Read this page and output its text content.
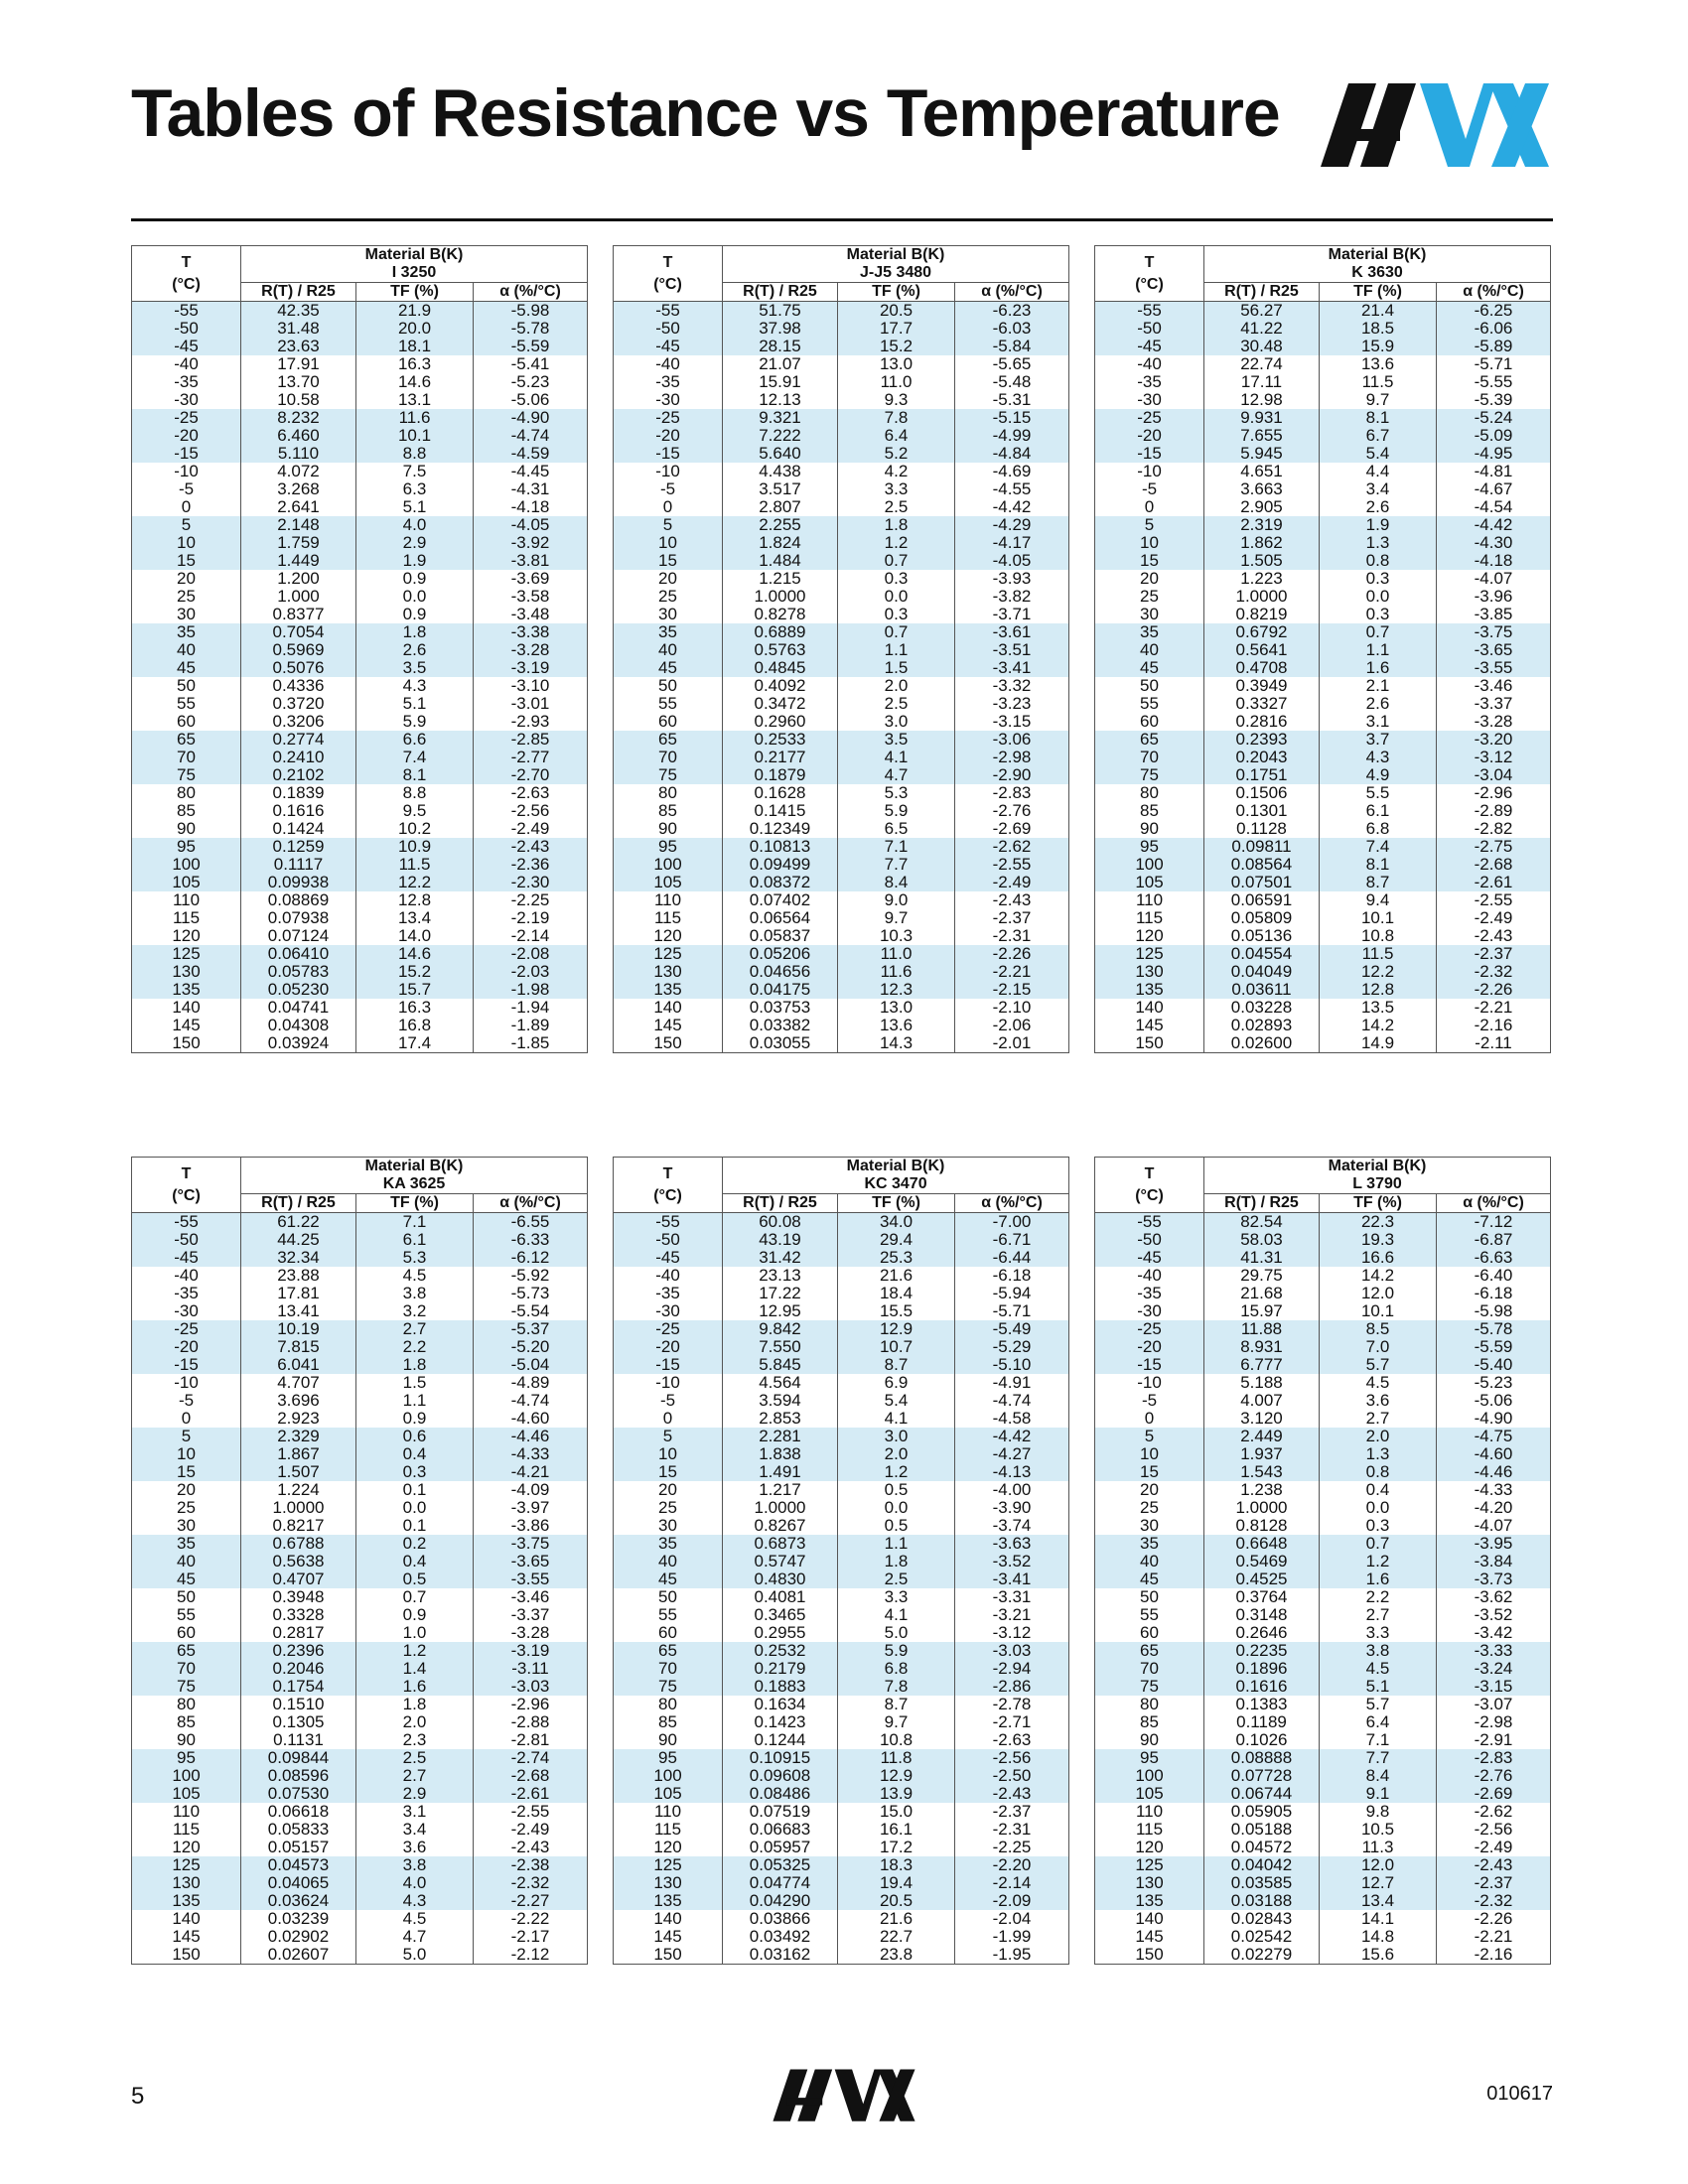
Tables of Resistance vs Temperature
T
(°C)	Material B(K)		
	I 3250		
	R(T) / R25	TF (%)	α (%/°C)
-55	42.35	21.9	-5.98
-50	31.48	20.0	-5.78
-45	23.63	18.1	-5.59
-40	17.91	16.3	-5.41
-35	13.70	14.6	-5.23
-30	10.58	13.1	-5.06
-25	8.232	11.6	-4.90
-20	6.460	10.1	-4.74
-15	5.110	8.8	-4.59
-10	4.072	7.5	-4.45
-5	3.268	6.3	-4.31
0	2.641	5.1	-4.18
5	2.148	4.0	-4.05
10	1.759	2.9	-3.92
15	1.449	1.9	-3.81
20	1.200	0.9	-3.69
25	1.000	0.0	-3.58
30	0.8377	0.9	-3.48
35	0.7054	1.8	-3.38
40	0.5969	2.6	-3.28
45	0.5076	3.5	-3.19
50	0.4336	4.3	-3.10
55	0.3720	5.1	-3.01
60	0.3206	5.9	-2.93
65	0.2774	6.6	-2.85
70	0.2410	7.4	-2.77
75	0.2102	8.1	-2.70
80	0.1839	8.8	-2.63
85	0.1616	9.5	-2.56
90	0.1424	10.2	-2.49
95	0.1259	10.9	-2.43
100	0.1117	11.5	-2.36
105	0.09938	12.2	-2.30
110	0.08869	12.8	-2.25
115	0.07938	13.4	-2.19
120	0.07124	14.0	-2.14
125	0.06410	14.6	-2.08
130	0.05783	15.2	-2.03
135	0.05230	15.7	-1.98
140	0.04741	16.3	-1.94
145	0.04308	16.8	-1.89
150	0.03924	17.4	-1.85
T
(°C)	Material B(K)		
	J-J5 3480		
	R(T) / R25	TF (%)	α (%/°C)
-55	51.75	20.5	-6.23
-50	37.98	17.7	-6.03
-45	28.15	15.2	-5.84
-40	21.07	13.0	-5.65
-35	15.91	11.0	-5.48
-30	12.13	9.3	-5.31
-25	9.321	7.8	-5.15
-20	7.222	6.4	-4.99
-15	5.640	5.2	-4.84
-10	4.438	4.2	-4.69
-5	3.517	3.3	-4.55
0	2.807	2.5	-4.42
5	2.255	1.8	-4.29
10	1.824	1.2	-4.17
15	1.484	0.7	-4.05
20	1.215	0.3	-3.93
25	1.0000	0.0	-3.82
30	0.8278	0.3	-3.71
35	0.6889	0.7	-3.61
40	0.5763	1.1	-3.51
45	0.4845	1.5	-3.41
50	0.4092	2.0	-3.32
55	0.3472	2.5	-3.23
60	0.2960	3.0	-3.15
65	0.2533	3.5	-3.06
70	0.2177	4.1	-2.98
75	0.1879	4.7	-2.90
80	0.1628	5.3	-2.83
85	0.1415	5.9	-2.76
90	0.12349	6.5	-2.69
95	0.10813	7.1	-2.62
100	0.09499	7.7	-2.55
105	0.08372	8.4	-2.49
110	0.07402	9.0	-2.43
115	0.06564	9.7	-2.37
120	0.05837	10.3	-2.31
125	0.05206	11.0	-2.26
130	0.04656	11.6	-2.21
135	0.04175	12.3	-2.15
140	0.03753	13.0	-2.10
145	0.03382	13.6	-2.06
150	0.03055	14.3	-2.01
T
(°C)	Material B(K)		
	K 3630		
	R(T) / R25	TF (%)	α (%/°C)
-55	56.27	21.4	-6.25
-50	41.22	18.5	-6.06
-45	30.48	15.9	-5.89
-40	22.74	13.6	-5.71
-35	17.11	11.5	-5.55
-30	12.98	9.7	-5.39
-25	9.931	8.1	-5.24
-20	7.655	6.7	-5.09
-15	5.945	5.4	-4.95
-10	4.651	4.4	-4.81
-5	3.663	3.4	-4.67
0	2.905	2.6	-4.54
5	2.319	1.9	-4.42
10	1.862	1.3	-4.30
15	1.505	0.8	-4.18
20	1.223	0.3	-4.07
25	1.0000	0.0	-3.96
30	0.8219	0.3	-3.85
35	0.6792	0.7	-3.75
40	0.5641	1.1	-3.65
45	0.4708	1.6	-3.55
50	0.3949	2.1	-3.46
55	0.3327	2.6	-3.37
60	0.2816	3.1	-3.28
65	0.2393	3.7	-3.20
70	0.2043	4.3	-3.12
75	0.1751	4.9	-3.04
80	0.1506	5.5	-2.96
85	0.1301	6.1	-2.89
90	0.1128	6.8	-2.82
95	0.09811	7.4	-2.75
100	0.08564	8.1	-2.68
105	0.07501	8.7	-2.61
110	0.06591	9.4	-2.55
115	0.05809	10.1	-2.49
120	0.05136	10.8	-2.43
125	0.04554	11.5	-2.37
130	0.04049	12.2	-2.32
135	0.03611	12.8	-2.26
140	0.03228	13.5	-2.21
145	0.02893	14.2	-2.16
150	0.02600	14.9	-2.11
T
(°C)	Material B(K)		
	KA 3625		
	R(T) / R25	TF (%)	α (%/°C)
-55	61.22	7.1	-6.55
-50	44.25	6.1	-6.33
-45	32.34	5.3	-6.12
-40	23.88	4.5	-5.92
-35	17.81	3.8	-5.73
-30	13.41	3.2	-5.54
-25	10.19	2.7	-5.37
-20	7.815	2.2	-5.20
-15	6.041	1.8	-5.04
-10	4.707	1.5	-4.89
-5	3.696	1.1	-4.74
0	2.923	0.9	-4.60
5	2.329	0.6	-4.46
10	1.867	0.4	-4.33
15	1.507	0.3	-4.21
20	1.224	0.1	-4.09
25	1.0000	0.0	-3.97
30	0.8217	0.1	-3.86
35	0.6788	0.2	-3.75
40	0.5638	0.4	-3.65
45	0.4707	0.5	-3.55
50	0.3948	0.7	-3.46
55	0.3328	0.9	-3.37
60	0.2817	1.0	-3.28
65	0.2396	1.2	-3.19
70	0.2046	1.4	-3.11
75	0.1754	1.6	-3.03
80	0.1510	1.8	-2.96
85	0.1305	2.0	-2.88
90	0.1131	2.3	-2.81
95	0.09844	2.5	-2.74
100	0.08596	2.7	-2.68
105	0.07530	2.9	-2.61
110	0.06618	3.1	-2.55
115	0.05833	3.4	-2.49
120	0.05157	3.6	-2.43
125	0.04573	3.8	-2.38
130	0.04065	4.0	-2.32
135	0.03624	4.3	-2.27
140	0.03239	4.5	-2.22
145	0.02902	4.7	-2.17
150	0.02607	5.0	-2.12
T
(°C)	Material B(K)		
	KC 3470		
	R(T) / R25	TF (%)	α (%/°C)
-55	60.08	34.0	-7.00
-50	43.19	29.4	-6.71
-45	31.42	25.3	-6.44
-40	23.13	21.6	-6.18
-35	17.22	18.4	-5.94
-30	12.95	15.5	-5.71
-25	9.842	12.9	-5.49
-20	7.550	10.7	-5.29
-15	5.845	8.7	-5.10
-10	4.564	6.9	-4.91
-5	3.594	5.4	-4.74
0	2.853	4.1	-4.58
5	2.281	3.0	-4.42
10	1.838	2.0	-4.27
15	1.491	1.2	-4.13
20	1.217	0.5	-4.00
25	1.0000	0.0	-3.90
30	0.8267	0.5	-3.74
35	0.6873	1.1	-3.63
40	0.5747	1.8	-3.52
45	0.4830	2.5	-3.41
50	0.4081	3.3	-3.31
55	0.3465	4.1	-3.21
60	0.2955	5.0	-3.12
65	0.2532	5.9	-3.03
70	0.2179	6.8	-2.94
75	0.1883	7.8	-2.86
80	0.1634	8.7	-2.78
85	0.1423	9.7	-2.71
90	0.1244	10.8	-2.63
95	0.10915	11.8	-2.56
100	0.09608	12.9	-2.50
105	0.08486	13.9	-2.43
110	0.07519	15.0	-2.37
115	0.06683	16.1	-2.31
120	0.05957	17.2	-2.25
125	0.05325	18.3	-2.20
130	0.04774	19.4	-2.14
135	0.04290	20.5	-2.09
140	0.03866	21.6	-2.04
145	0.03492	22.7	-1.99
150	0.03162	23.8	-1.95
T
(°C)	Material B(K)		
	L 3790		
	R(T) / R25	TF (%)	α (%/°C)
-55	82.54	22.3	-7.12
-50	58.03	19.3	-6.87
-45	41.31	16.6	-6.63
-40	29.75	14.2	-6.40
-35	21.68	12.0	-6.18
-30	15.97	10.1	-5.98
-25	11.88	8.5	-5.78
-20	8.931	7.0	-5.59
-15	6.777	5.7	-5.40
-10	5.188	4.5	-5.23
-5	4.007	3.6	-5.06
0	3.120	2.7	-4.90
5	2.449	2.0	-4.75
10	1.937	1.3	-4.60
15	1.543	0.8	-4.46
20	1.238	0.4	-4.33
25	1.0000	0.0	-4.20
30	0.8128	0.3	-4.07
35	0.6648	0.7	-3.95
40	0.5469	1.2	-3.84
45	0.4525	1.6	-3.73
50	0.3764	2.2	-3.62
55	0.3148	2.7	-3.52
60	0.2646	3.3	-3.42
65	0.2235	3.8	-3.33
70	0.1896	4.5	-3.24
75	0.1616	5.1	-3.15
80	0.1383	5.7	-3.07
85	0.1189	6.4	-2.98
90	0.1026	7.1	-2.91
95	0.08888	7.7	-2.83
100	0.07728	8.4	-2.76
105	0.06744	9.1	-2.69
110	0.05905	9.8	-2.62
115	0.05188	10.5	-2.56
120	0.04572	11.3	-2.49
125	0.04042	12.0	-2.43
130	0.03585	12.7	-2.37
135	0.03188	13.4	-2.32
140	0.02843	14.1	-2.26
145	0.02542	14.8	-2.21
150	0.02279	15.6	-2.16
5	010617
